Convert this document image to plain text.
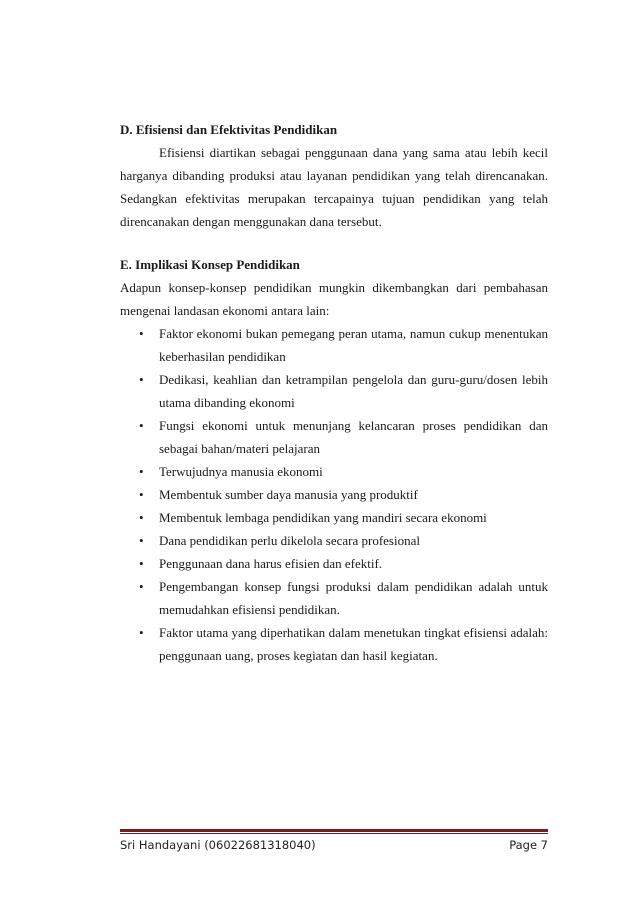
D. Efisiensi dan Efektivitas Pendidikan

Efisiensi diartikan sebagai penggunaan dana yang sama atau lebih kecil harganya dibanding produksi atau layanan pendidikan yang telah direncanakan. Sedangkan efektivitas merupakan tercapainya tujuan pendidikan yang telah direncanakan dengan menggunakan dana tersebut.

E. Implikasi Konsep Pendidikan

Adapun konsep-konsep pendidikan mungkin dikembangkan dari pembahasan mengenai landasan ekonomi antara lain:

• Faktor ekonomi bukan pemegang peran utama, namun cukup menentukan keberhasilan pendidikan
• Dedikasi, keahlian dan ketrampilan pengelola dan guru-guru/dosen lebih utama dibanding ekonomi
• Fungsi ekonomi untuk menunjang kelancaran proses pendidikan dan sebagai bahan/materi pelajaran
• Terwujudnya manusia ekonomi
• Membentuk sumber daya manusia yang produktif
• Membentuk lembaga pendidikan yang mandiri secara ekonomi
• Dana pendidikan perlu dikelola secara profesional
• Penggunaan dana harus efisien dan efektif.
• Pengembangan konsep fungsi produksi dalam pendidikan adalah untuk memudahkan efisiensi pendidikan.
• Faktor utama yang diperhatikan dalam menetukan tingkat efisiensi adalah: penggunaan uang, proses kegiatan dan hasil kegiatan.
Sri Handayani (06022681318040)	Page 7
